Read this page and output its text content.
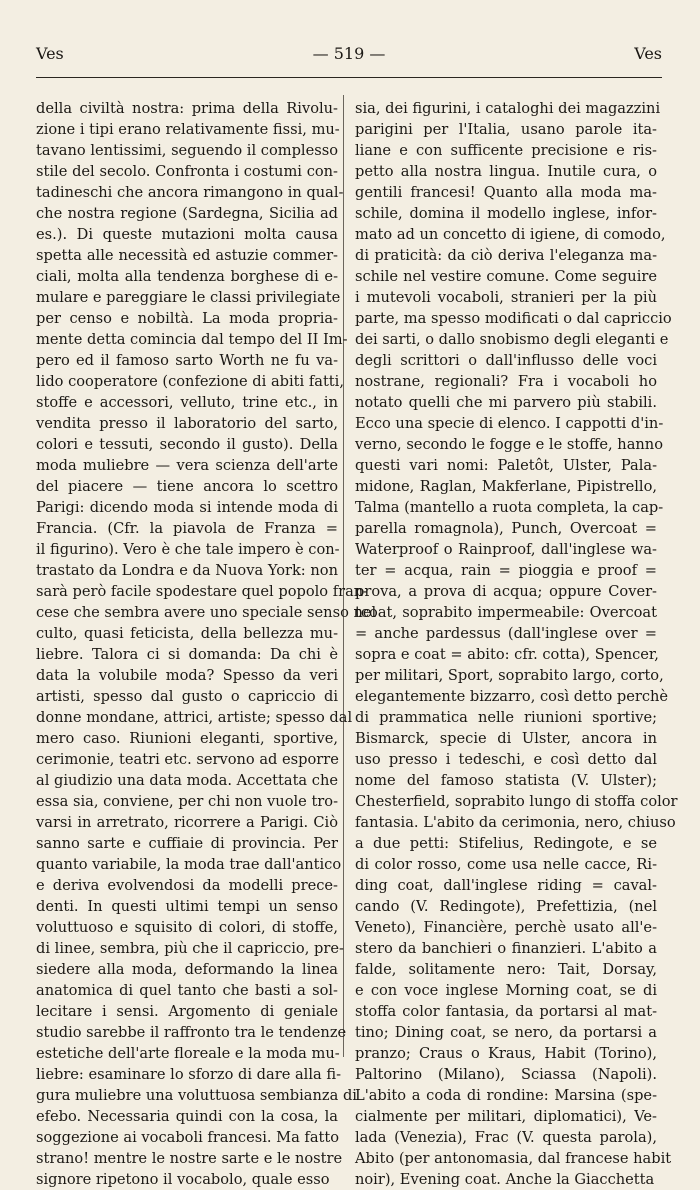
Ves	— 519 —	Ves
della civiltà nostra: prima della Rivolu-
zione i tipi erano relativamente fissi, mu-
tavano lentissimi, seguendo il complesso
stile del secolo. Confronta i costumi con-
tadineschi che ancora rimangono in qual-
che nostra regione (Sardegna, Sicilia ad
es.). Di queste mutazioni molta causa
spetta alle necessità ed astuzie commer-
ciali, molta alla tendenza borghese di e-
mulare e pareggiare le classi privilegiate
per censo e nobiltà. La moda propria-
mente detta comincia dal tempo del II Im-
pero ed il famoso sarto Worth ne fu va-
lido cooperatore (confezione di abiti fatti,
stoffe e accessori, velluto, trine etc., in
vendita presso il laboratorio del sarto,
colori e tessuti, secondo il gusto). Della
moda muliebre — vera scienza dell'arte
del piacere — tiene ancora lo scettro
Parigi: dicendo moda si intende moda di
Francia. (Cfr. la piavola de Franza =
il figurino). Vero è che tale impero è con-
trastato da Londra e da Nuova York: non
sarà però facile spodestare quel popolo fran-
cese che sembra avere uno speciale senso nel
culto, quasi feticista, della bellezza mu-
liebre. Talora ci si domanda: Da chi è
data la volubile moda? Spesso da veri
artisti, spesso dal gusto o capriccio di
donne mondane, attrici, artiste; spesso dal
mero caso. Riunioni eleganti, sportive,
cerimonie, teatri etc. servono ad esporre
al giudizio una data moda. Accettata che
essa sia, conviene, per chi non vuole tro-
varsi in arretrato, ricorrere a Parigi. Ciò
sanno sarte e cuffiaie di provincia. Per
quanto variabile, la moda trae dall'antico
e deriva evolvendosi da modelli prece-
denti. In questi ultimi tempi un senso
voluttuoso e squisito di colori, di stoffe,
di linee, sembra, più che il capriccio, pre-
siedere alla moda, deformando la linea
anatomica di quel tanto che basti a sol-
lecitare i sensi. Argomento di geniale
studio sarebbe il raffronto tra le tendenze
estetiche dell'arte floreale e la moda mu-
liebre: esaminare lo sforzo di dare alla fi-
gura muliebre una voluttuosa sembianza di
efebo. Necessaria quindi con la cosa, la
soggezione ai vocaboli francesi. Ma fatto
strano! mentre le nostre sarte e le nostre
signore ripetono il vocabolo, quale esso
sia, dei figurini, i cataloghi dei magazzini
parigini per l'Italia, usano parole ita-
liane e con sufficente precisione e ris-
petto alla nostra lingua. Inutile cura, o
gentili francesi! Quanto alla moda ma-
schile, domina il modello inglese, infor-
mato ad un concetto di igiene, di comodo,
di praticità: da ciò deriva l'eleganza ma-
schile nel vestire comune. Come seguire
i mutevoli vocaboli, stranieri per la più
parte, ma spesso modificati o dal capriccio
dei sarti, o dallo snobismo degli eleganti e
degli scrittori o dall'influsso delle voci
nostrane, regionali? Fra i vocaboli ho
notato quelli che mi parvero più stabili.
Ecco una specie di elenco. I cappotti d'in-
verno, secondo le fogge e le stoffe, hanno
questi vari nomi: Paletôt, Ulster, Pala-
midone, Raglan, Makferlane, Pipistrello,
Talma (mantello a ruota completa, la cap-
parella romagnola), Punch, Overcoat =
Waterproof o Rainproof, dall'inglese wa-
ter = acqua, rain = pioggia e proof =
prova, a prova di acqua; oppure Cover-
tcoat, soprabito impermeabile: Overcoat
= anche pardessus (dall'inglese over =
sopra e coat = abito: cfr. cotta), Spencer,
per militari, Sport, soprabito largo, corto,
elegantemente bizzarro, così detto perchè
di prammatica nelle riunioni sportive;
Bismarck, specie di Ulster, ancora in
uso presso i tedeschi, e così detto dal
nome del famoso statista (V. Ulster);
Chesterfield, soprabito lungo di stoffa color
fantasia. L'abito da cerimonia, nero, chiuso
a due petti: Stifelius, Redingote, e se
di color rosso, come usa nelle cacce, Ri-
ding coat, dall'inglese riding = caval-
cando (V. Redingote), Prefettizia, (nel
Veneto), Financière, perchè usato all'e-
stero da banchieri o finanzieri. L'abito a
falde, solitamente nero: Tait, Dorsay,
e con voce inglese Morning coat, se di
stoffa color fantasia, da portarsi al mat-
tino; Dining coat, se nero, da portarsi a
pranzo; Craus o Kraus, Habit (Torino),
Paltorino (Milano), Sciassa (Napoli).
L'abito a coda di rondine: Marsina (spe-
cialmente per militari, diplomatici), Ve-
lada (Venezia), Frac (V. questa parola),
Abito (per antonomasia, dal francese habit
noir), Evening coat. Anche la Giacchetta
